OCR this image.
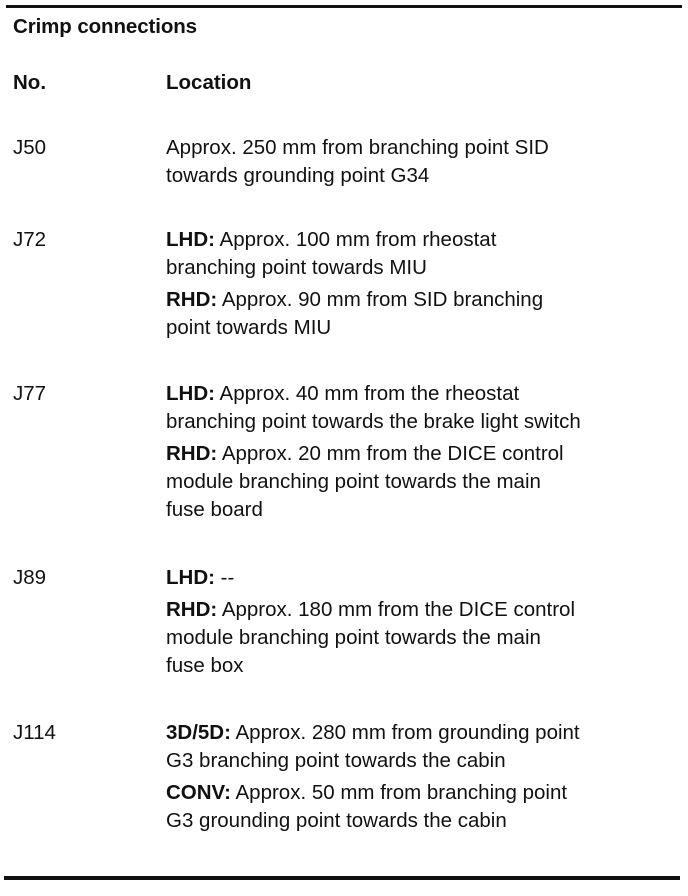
Crimp connections
No.	Location
J50	Approx. 250 mm from branching point SID
towards grounding point G34

J72	LHD: Approx. 100 mm from rheostat
branching point towards MIU

RHD: Approx. 90 mm from SID branching
point towards MIU

J77	LHD: Approx. 40 mm from the rheostat
branching point towards the brake light switch

RHD: Approx. 20 mm from the DICE control
module branching point towards the main
fuse board

J89	LHD: --

RHD: Approx. 180 mm from the DICE control
module branching point towards the main
fuse box

J114	3D/5D: Approx. 280 mm from grounding point
G3 branching point towards the cabin

CONV: Approx. 50 mm from branching point
G3 grounding point towards the cabin
